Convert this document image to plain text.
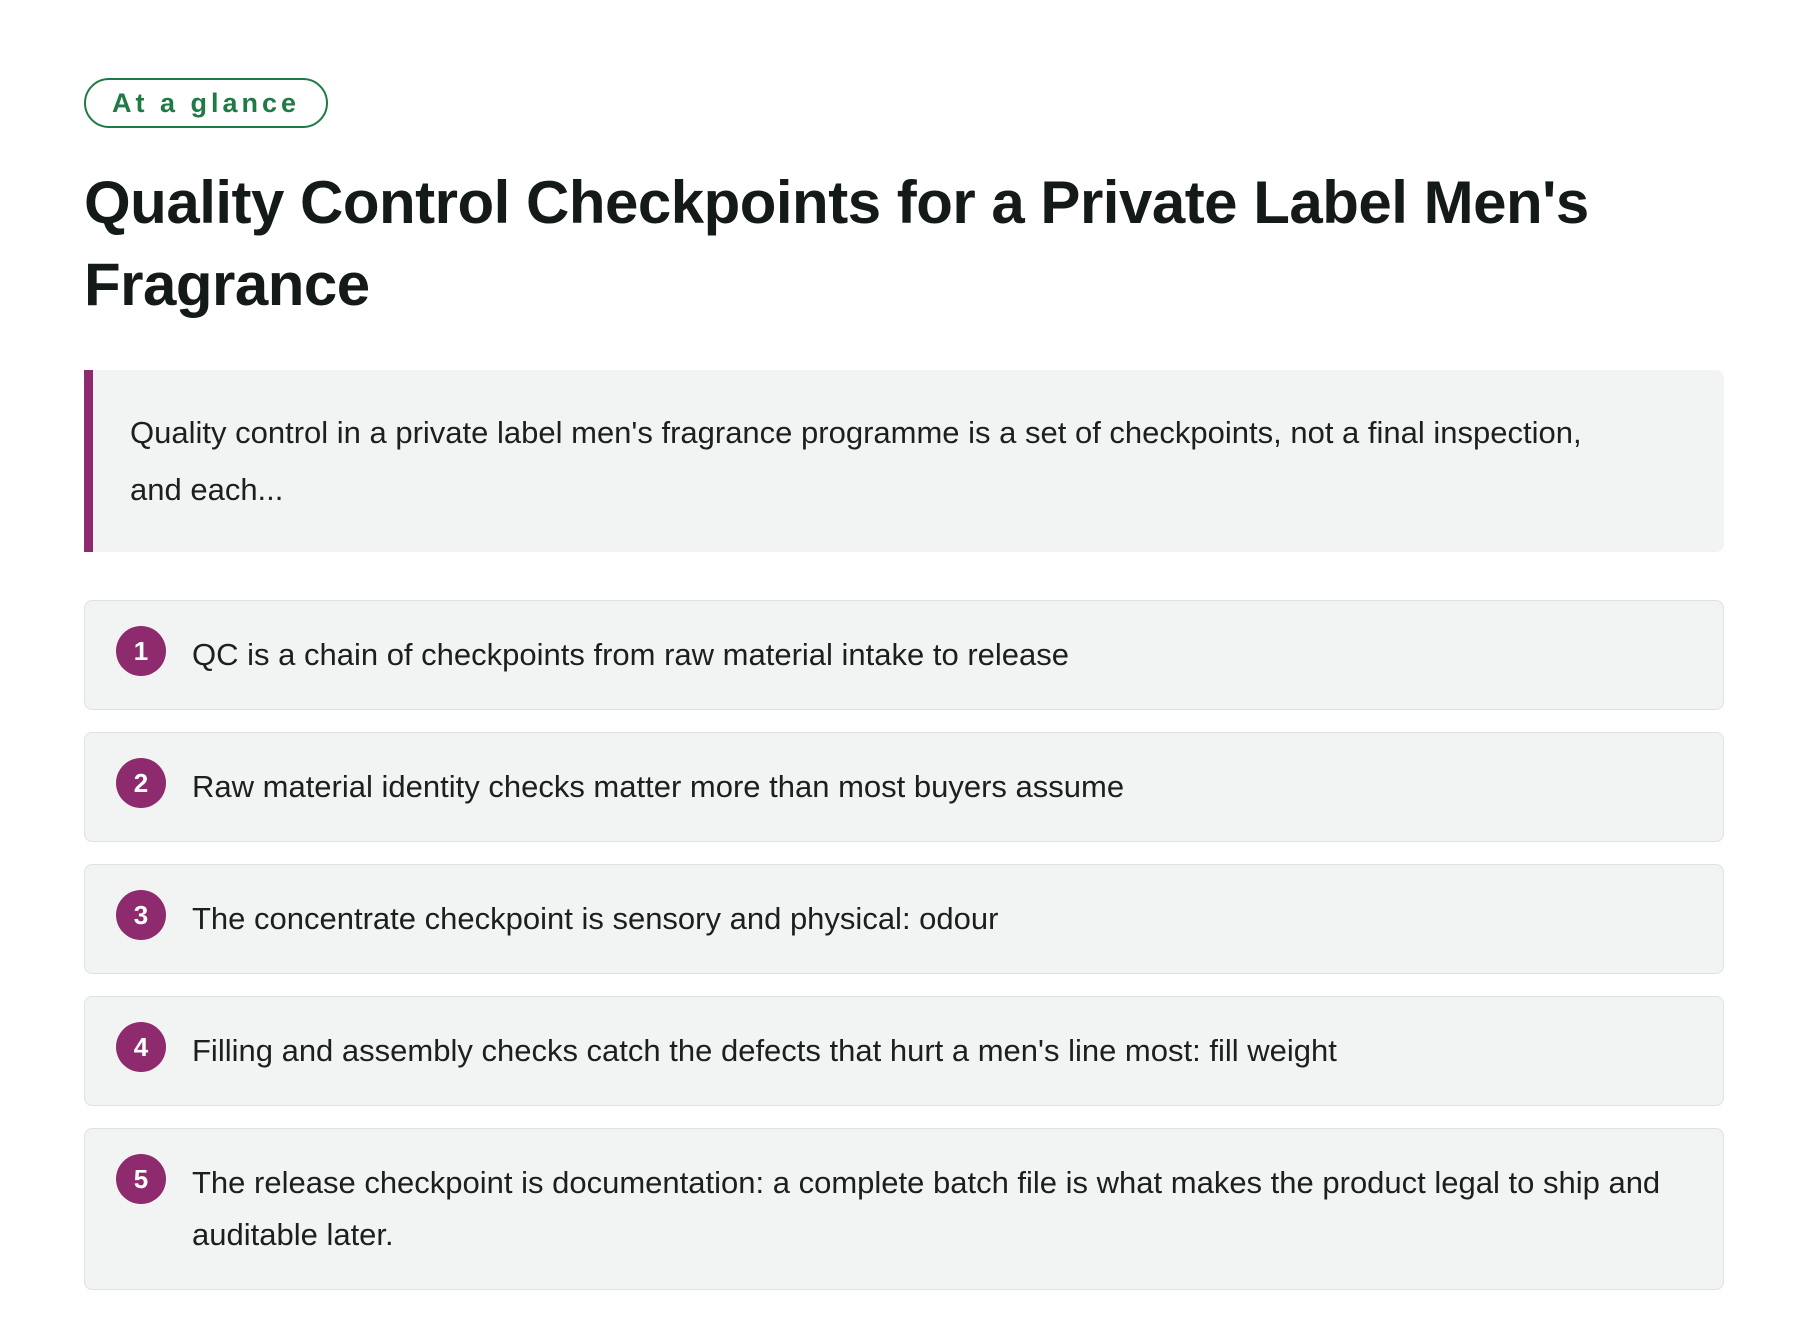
At a glance
Quality Control Checkpoints for a Private Label Men's Fragrance
Quality control in a private label men's fragrance programme is a set of checkpoints, not a final inspection, and each...
1	QC is a chain of checkpoints from raw material intake to release
2	Raw material identity checks matter more than most buyers assume
3	The concentrate checkpoint is sensory and physical: odour
4	Filling and assembly checks catch the defects that hurt a men's line most: fill weight
5	The release checkpoint is documentation: a complete batch file is what makes the product legal to ship and auditable later.
